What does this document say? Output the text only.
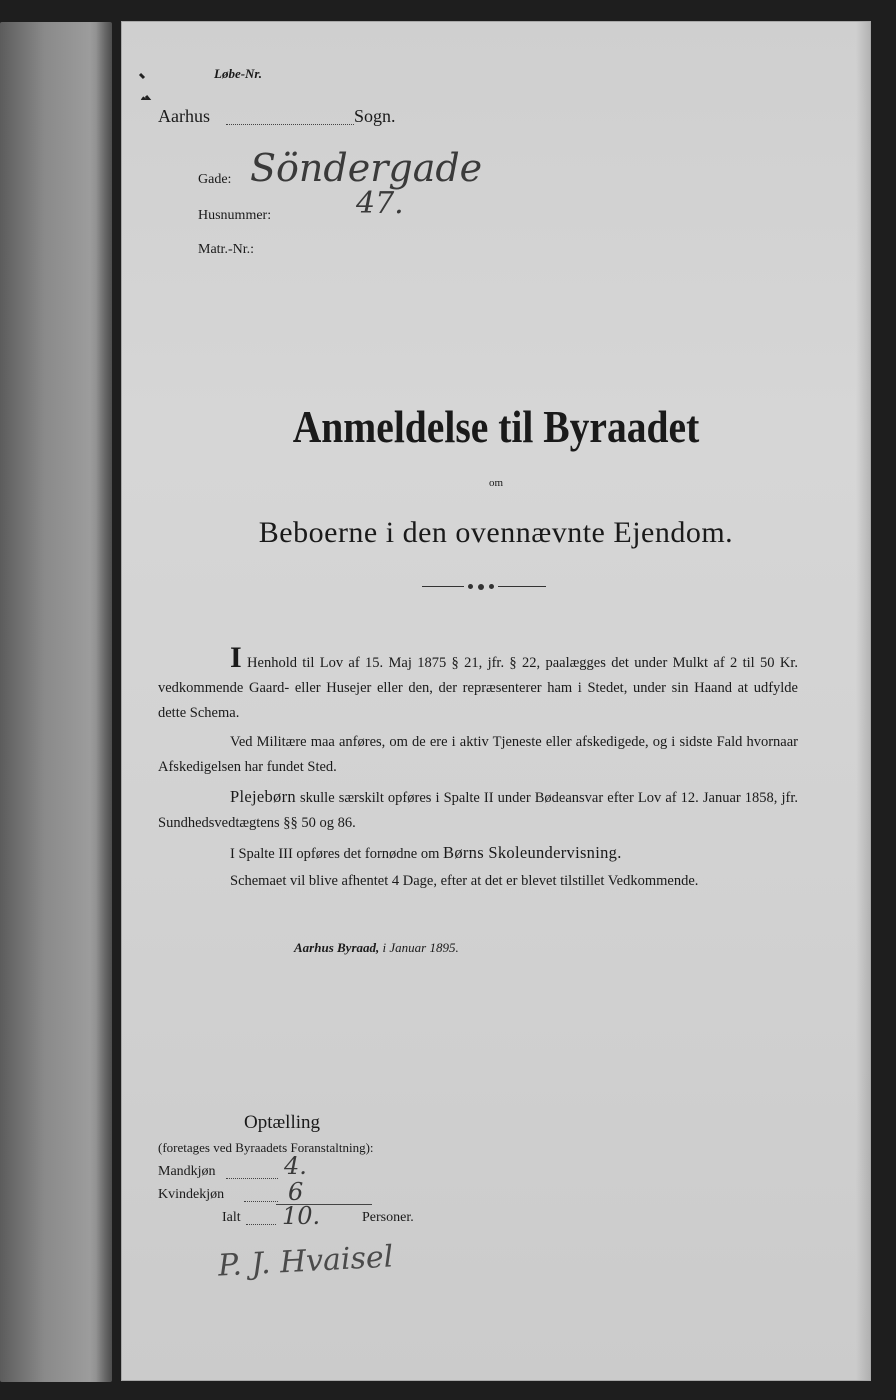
Løbe-Nr.
Aarhus	Sogn.
Gade: Söndergade
Husnummer:	47.
Matr.-Nr.:
Anmeldelse til Byraadet
om
Beboerne i den ovennævnte Ejendom.

I Henhold til Lov af 15. Maj 1875 § 21, jfr. § 22, paalægges det under Mulkt af 2 til 50 Kr. vedkommende Gaard- eller Husejer eller den, der repræsenterer ham i Stedet, under sin Haand at udfylde dette Schema.

Ved Militære maa anføres, om de ere i aktiv Tjeneste eller afskedigede, og i sidste Fald hvornaar Afskedigelsen har fundet Sted.

Plejebørn skulle særskilt opføres i Spalte II under Bødeansvar efter Lov af 12. Januar 1858, jfr. Sundhedsvedtægtens §§ 50 og 86.

I Spalte III opføres det fornødne om Børns Skoleundervisning.

Schemaet vil blive afhentet 4 Dage, efter at det er blevet tilstillet Vedkommende.

Aarhus Byraad, i Januar 1895.
Optælling
(foretages ved Byraadets Foranstaltning):
Mandkjøn	4.
Kvindekjøn	6
Ialt 10.	Personer.
P. J. Hvaisel
